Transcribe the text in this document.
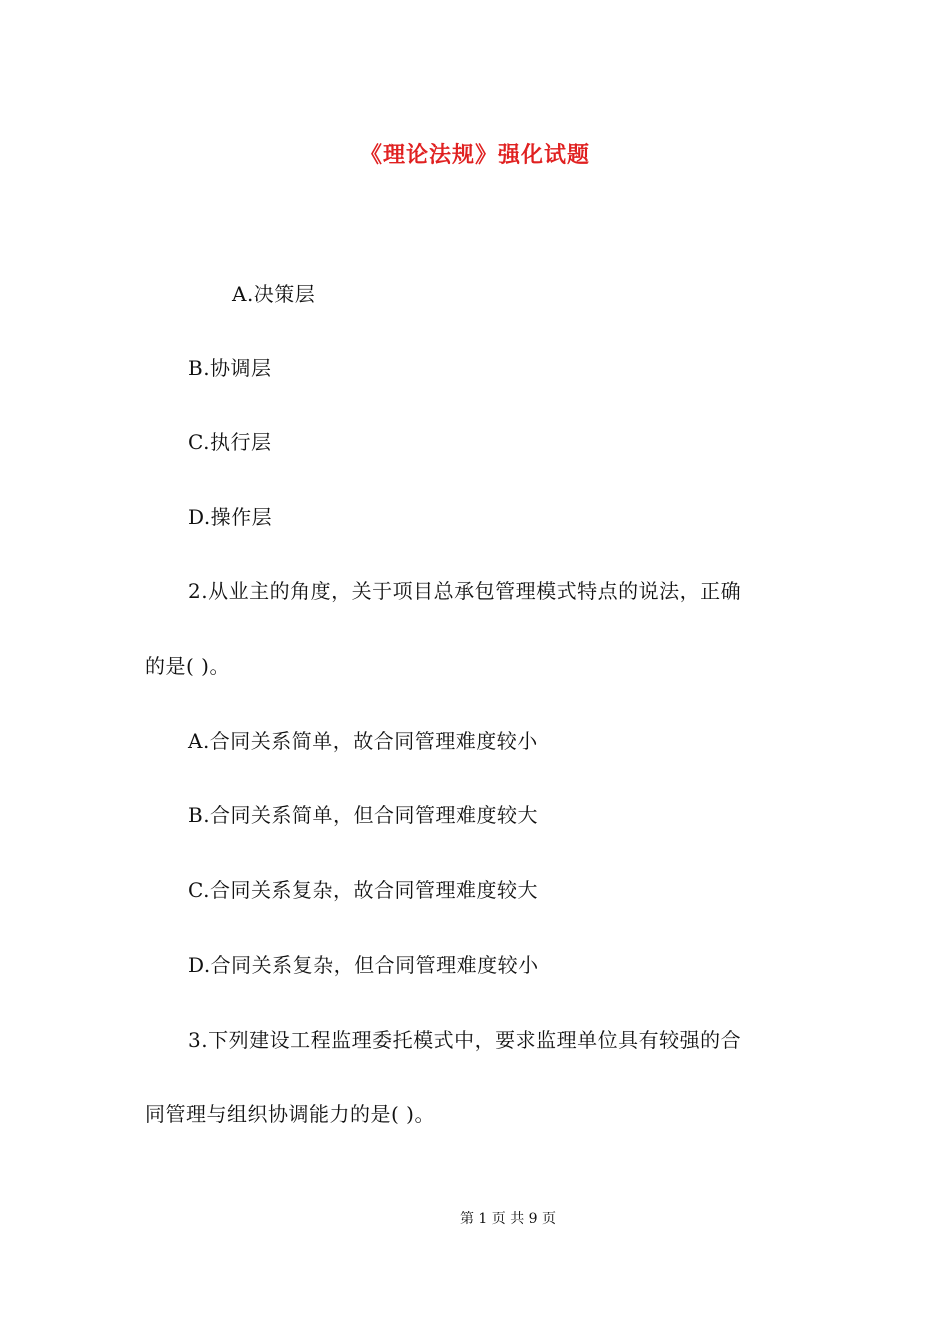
《理论法规》强化试题
A.决策层
B.协调层
C.执行层
D.操作层
2.从业主的角度，关于项目总承包管理模式特点的说法，正确
的是( )。
A.合同关系简单，故合同管理难度较小
B.合同关系简单，但合同管理难度较大
C.合同关系复杂，故合同管理难度较大
D.合同关系复杂，但合同管理难度较小
3.下列建设工程监理委托模式中，要求监理单位具有较强的合
同管理与组织协调能力的是( )。
第 1 页 共 9 页
